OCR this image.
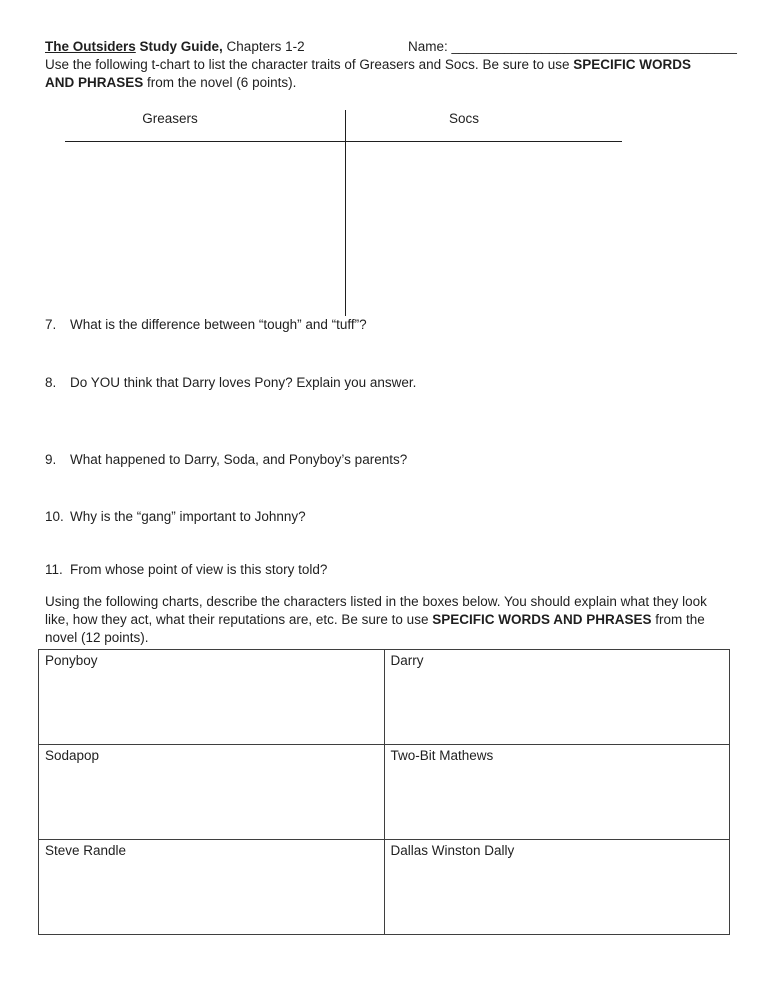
The Outsiders Study Guide, Chapters 1-2	Name: ______________________________________

Use the following t-chart to list the character traits of Greasers and Socs. Be sure to use SPECIFIC WORDS AND PHRASES from the novel (6 points).

Greasers	Socs
7.	What is the difference between “tough” and “tuff”?
8.	Do YOU think that Darry loves Pony? Explain you answer.
9.	What happened to Darry, Soda, and Ponyboy’s parents?
10. Why is the “gang” important to Johnny?
11. From whose point of view is this story told?

Using the following charts, describe the characters listed in the boxes below. You should explain what they look like, how they act, what their reputations are, etc. Be sure to use SPECIFIC WORDS AND PHRASES from the novel (12 points).

Ponyboy	Darry
Sodapop	Two-Bit Mathews
Steve Randle	Dallas Winston Dally
